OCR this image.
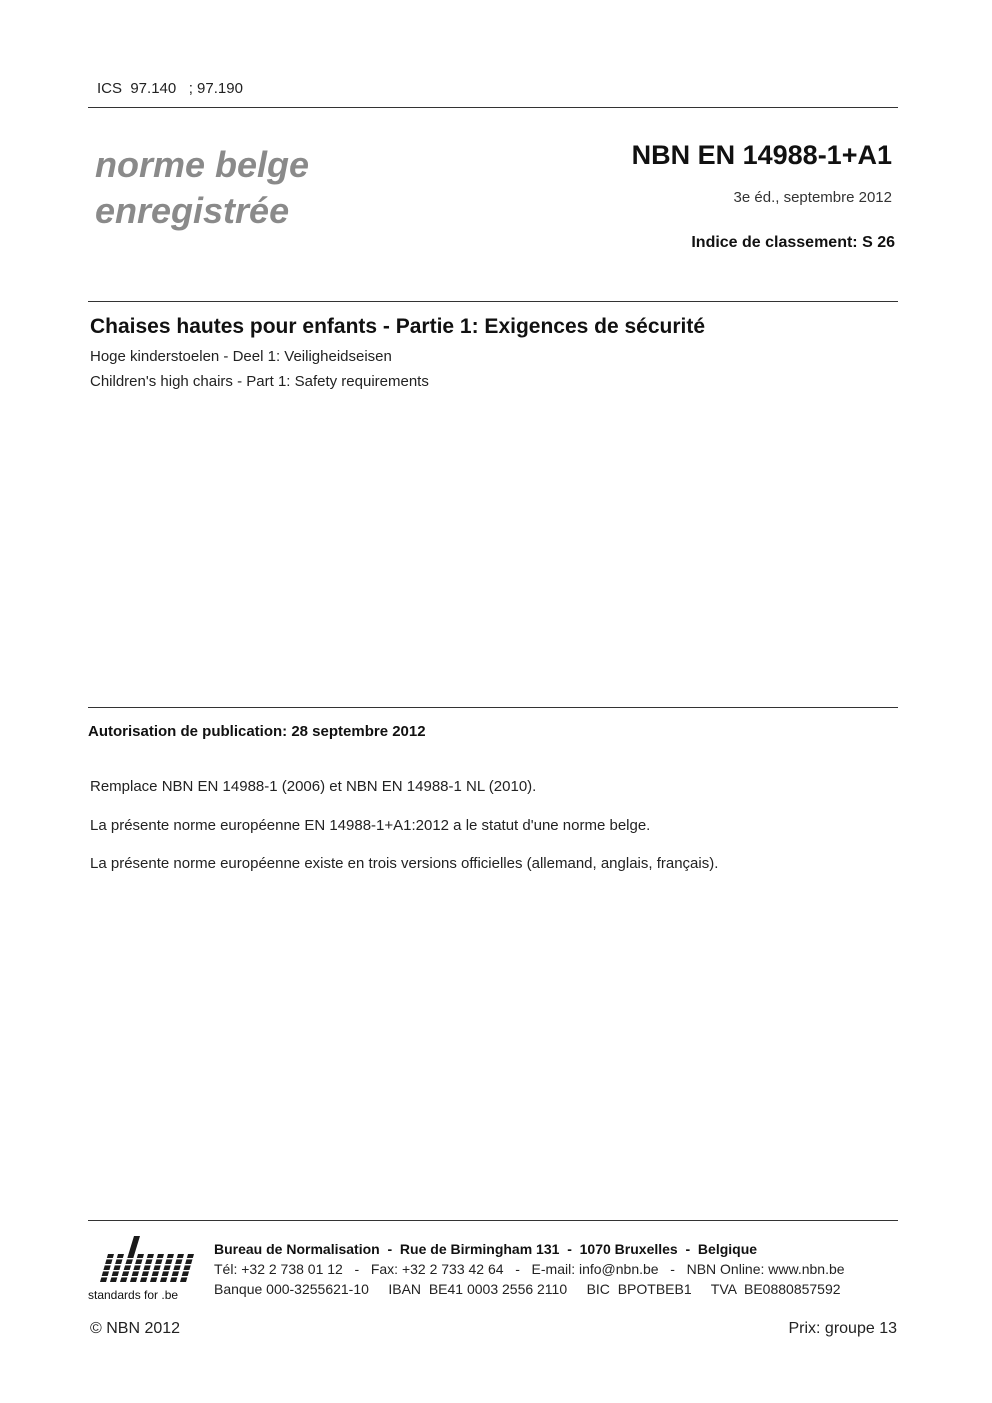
ICS  97.140   ; 97.190
norme belge
enregistrée
NBN EN 14988-1+A1
3e éd., septembre 2012
Indice de classement: S 26
Chaises hautes pour enfants - Partie 1: Exigences de sécurité
Hoge kinderstoelen - Deel 1: Veiligheidseisen
Children's high chairs - Part 1: Safety requirements
Autorisation de publication: 28 septembre 2012
Remplace NBN EN 14988-1 (2006) et NBN EN 14988-1 NL (2010).
La présente norme européenne EN 14988-1+A1:2012 a le statut d'une norme belge.
La présente norme européenne existe en trois versions officielles (allemand, anglais, français).
standards for .be
Bureau de Normalisation  -  Rue de Birmingham 131  -  1070 Bruxelles  -  Belgique
Tél: +32 2 738 01 12   -   Fax: +32 2 733 42 64   -   E-mail: info@nbn.be   -   NBN Online: www.nbn.be
Banque 000-3255621-10     IBAN  BE41 0003 2556 2110     BIC  BPOTBEB1     TVA  BE0880857592
© NBN 2012	Prix: groupe 13
